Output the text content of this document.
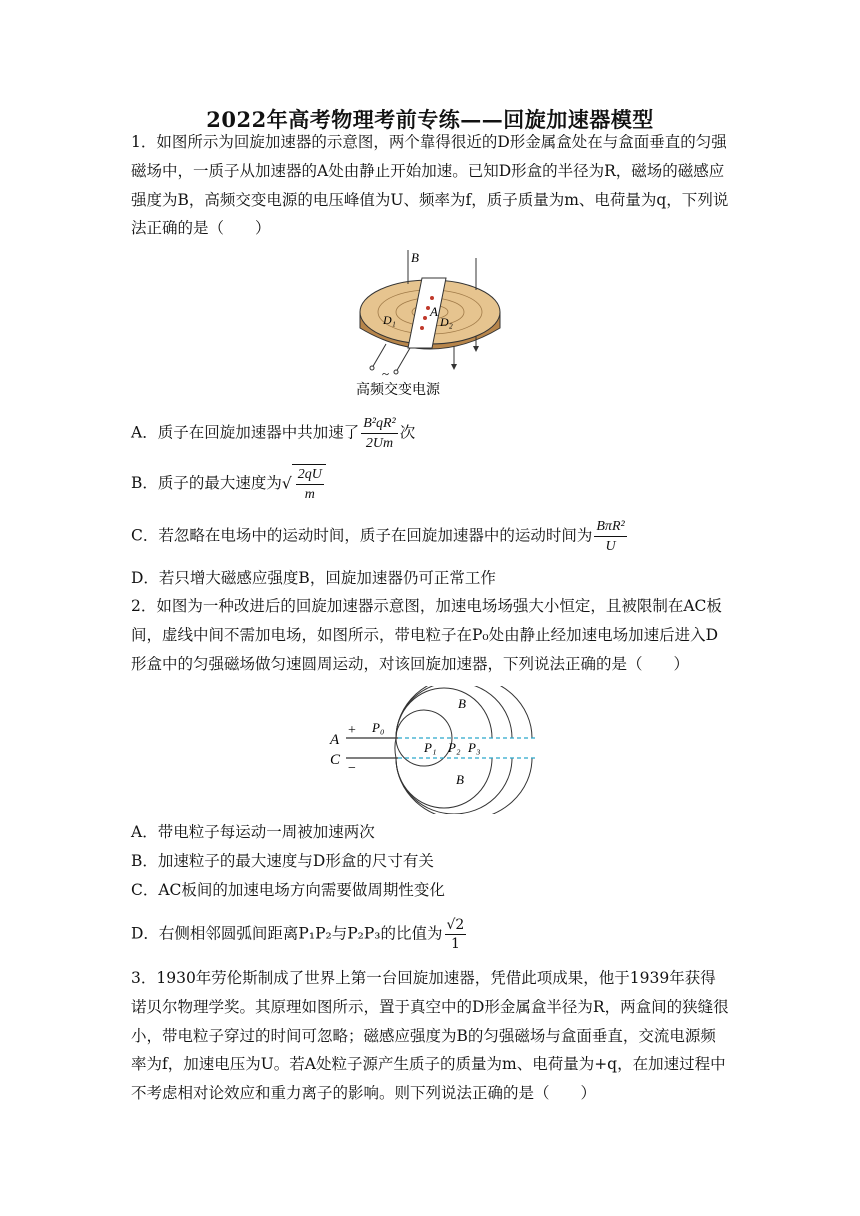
2022年高考物理考前专练——回旋加速器模型
1．如图所示为回旋加速器的示意图，两个靠得很近的D形金属盒处在与盒面垂直的匀强磁场中，一质子从加速器的A处由静止开始加速。已知D形盒的半径为R，磁场的磁感应强度为B，高频交变电源的电压峰值为U、频率为f，质子质量为m、电荷量为q，下列说法正确的是（　　）
B
A
D₁	D₂
~
高频交变电源
A．质子在回旋加速器中共加速了 $\frac{\text{B²qR²}}{2Um}$ 次
B．质子的最大速度为√ $\frac{2qU}{m}$
C．若忽略在电场中的运动时间，质子在回旋加速器中的运动时间为 $\frac{\text{BπR²}}{U}$
D．若只增大磁感应强度B，回旋加速器仍可正常工作
2．如图为一种改进后的回旋加速器示意图，加速电场场强大小恒定，且被限制在AC板间，虚线中间不需加电场，如图所示，带电粒子在P₀处由静止经加速电场加速后进入D形盒中的匀强磁场做匀速圆周运动，对该回旋加速器，下列说法正确的是（　　）
A
C
+
−
P₀
P₁ P₂ P₃
B
B
A．带电粒子每运动一周被加速两次
B．加速粒子的最大速度与D形盒的尺寸有关
C．AC板间的加速电场方向需要做周期性变化
D．右侧相邻圆弧间距离P₁P₂与P₂P₃的比值为 $\frac{√2}{1}$
3．1930年劳伦斯制成了世界上第一台回旋加速器，凭借此项成果，他于1939年获得诺贝尔物理学奖。其原理如图所示，置于真空中的D形金属盒半径为R，两盒间的狭缝很小，带电粒子穿过的时间可忽略；磁感应强度为B的匀强磁场与盒面垂直，交流电源频率为f，加速电压为U。若A处粒子源产生质子的质量为m、电荷量为+q，在加速过程中不考虑相对论效应和重力离子的影响。则下列说法正确的是（　　）
